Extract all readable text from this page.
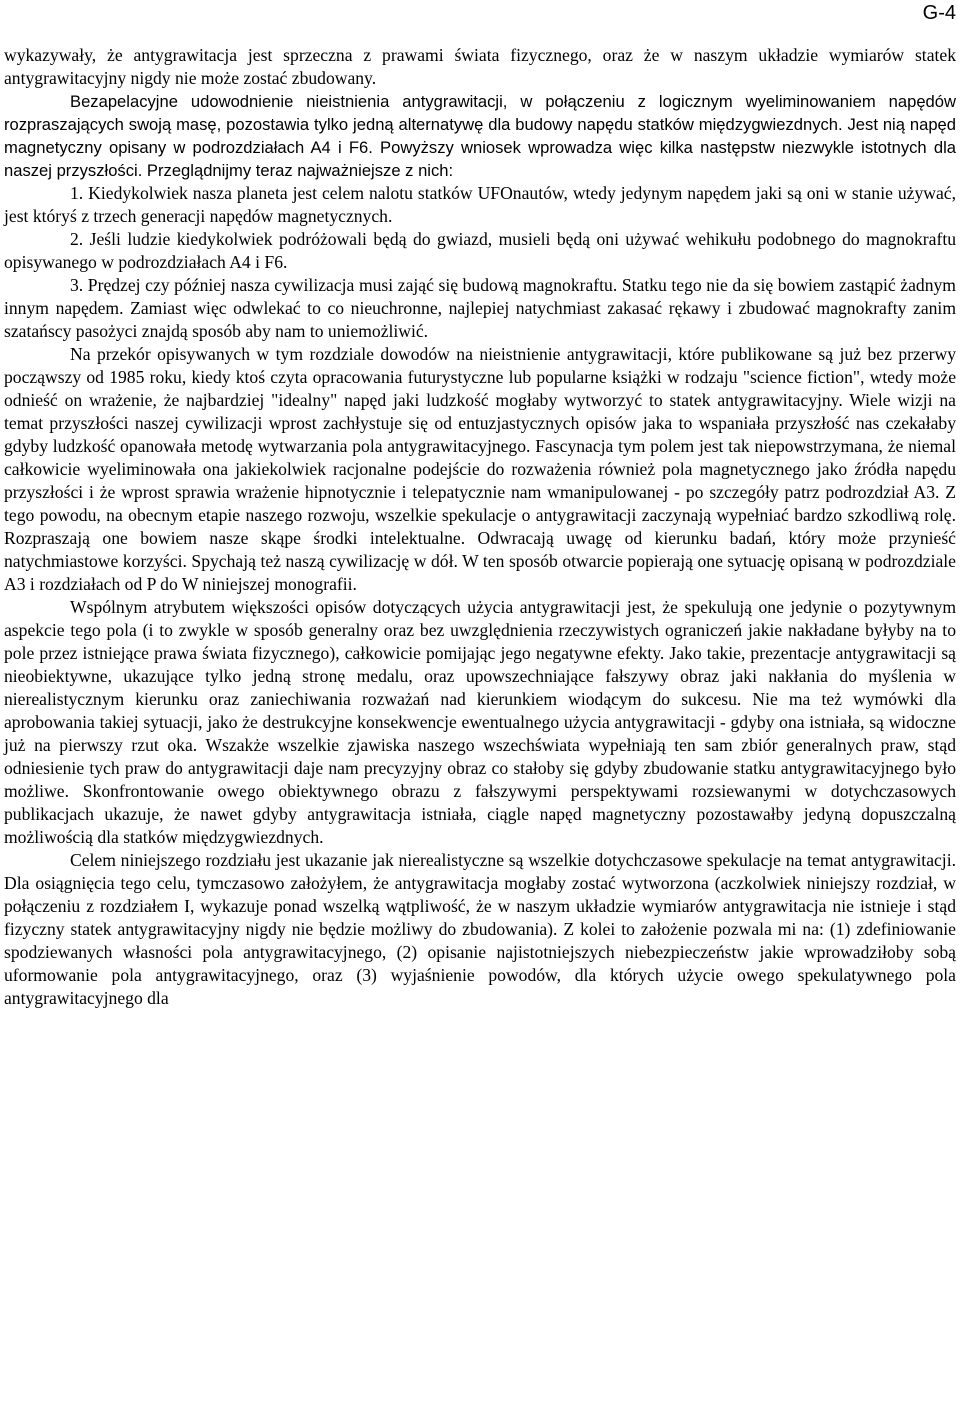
G-4

wykazywały, że antygrawitacja jest sprzeczna z prawami świata fizycznego, oraz że w naszym układzie wymiarów statek antygrawitacyjny nigdy nie może zostać zbudowany.

Bezapelacyjne udowodnienie nieistnienia antygrawitacji, w połączeniu z logicznym wyeliminowaniem napędów rozpraszających swoją masę, pozostawia tylko jedną alternatywę dla budowy napędu statków międzygwiezdnych. Jest nią napęd magnetyczny opisany w podrozdziałach A4 i F6. Powyższy wniosek wprowadza więc kilka następstw niezwykle istotnych dla naszej przyszłości. Przeglądnijmy teraz najważniejsze z nich:

1. Kiedykolwiek nasza planeta jest celem nalotu statków UFOnautów, wtedy jedynym napędem jaki są oni w stanie używać, jest któryś z trzech generacji napędów magnetycznych.

2. Jeśli ludzie kiedykolwiek podróżowali będą do gwiazd, musieli będą oni używać wehikułu podobnego do magnokraftu opisywanego w podrozdziałach A4 i F6.

3. Prędzej czy później nasza cywilizacja musi zająć się budową magnokraftu. Statku tego nie da się bowiem zastąpić żadnym innym napędem. Zamiast więc odwlekać to co nieuchronne, najlepiej natychmiast zakasać rękawy i zbudować magnokrafty zanim szatańscy pasożyci znajdą sposób aby nam to uniemożliwić.

Na przekór opisywanych w tym rozdziale dowodów na nieistnienie antygrawitacji, które publikowane są już bez przerwy począwszy od 1985 roku, kiedy ktoś czyta opracowania futurystyczne lub popularne książki w rodzaju "science fiction", wtedy może odnieść on wrażenie, że najbardziej "idealny" napęd jaki ludzkość mogłaby wytworzyć to statek antygrawitacyjny. Wiele wizji na temat przyszłości naszej cywilizacji wprost zachłystuje się od entuzjastycznych opisów jaka to wspaniała przyszłość nas czekałaby gdyby ludzkość opanowała metodę wytwarzania pola antygrawitacyjnego. Fascynacja tym polem jest tak niepowstrzymana, że niemal całkowicie wyeliminowała ona jakiekolwiek racjonalne podejście do rozważenia również pola magnetycznego jako źródła napędu przyszłości i że wprost sprawia wrażenie hipnotycznie i telepatycznie nam wmanipulowanej - po szczegóły patrz podrozdział A3. Z tego powodu, na obecnym etapie naszego rozwoju, wszelkie spekulacje o antygrawitacji zaczynają wypełniać bardzo szkodliwą rolę. Rozpraszają one bowiem nasze skąpe środki intelektualne. Odwracają uwagę od kierunku badań, który może przynieść natychmiastowe korzyści. Spychają też naszą cywilizację w dół. W ten sposób otwarcie popierają one sytuację opisaną w podrozdziale A3 i rozdziałach od P do W niniejszej monografii.

Wspólnym atrybutem większości opisów dotyczących użycia antygrawitacji jest, że spekulują one jedynie o pozytywnym aspekcie tego pola (i to zwykle w sposób generalny oraz bez uwzględnienia rzeczywistych ograniczeń jakie nakładane byłyby na to pole przez istniejące prawa świata fizycznego), całkowicie pomijając jego negatywne efekty. Jako takie, prezentacje antygrawitacji są nieobiektywne, ukazujące tylko jedną stronę medalu, oraz upowszechniające fałszywy obraz jaki nakłania do myślenia w nierealistycznym kierunku oraz zaniechiwania rozważań nad kierunkiem wiodącym do sukcesu. Nie ma też wymówki dla aprobowania takiej sytuacji, jako że destrukcyjne konsekwencje ewentualnego użycia antygrawitacji - gdyby ona istniała, są widoczne już na pierwszy rzut oka. Wszakże wszelkie zjawiska naszego wszechświata wypełniają ten sam zbiór generalnych praw, stąd odniesienie tych praw do antygrawitacji daje nam precyzyjny obraz co stałoby się gdyby zbudowanie statku antygrawitacyjnego było możliwe. Skonfrontowanie owego obiektywnego obrazu z fałszywymi perspektywami rozsiewanymi w dotychczasowych publikacjach ukazuje, że nawet gdyby antygrawitacja istniała, ciągle napęd magnetyczny pozostawałby jedyną dopuszczalną możliwością dla statków międzygwiezdnych.

Celem niniejszego rozdziału jest ukazanie jak nierealistyczne są wszelkie dotychczasowe spekulacje na temat antygrawitacji. Dla osiągnięcia tego celu, tymczasowo założyłem, że antygrawitacja mogłaby zostać wytworzona (aczkolwiek niniejszy rozdział, w połączeniu z rozdziałem I, wykazuje ponad wszelką wątpliwość, że w naszym układzie wymiarów antygrawitacja nie istnieje i stąd fizyczny statek antygrawitacyjny nigdy nie będzie możliwy do zbudowania). Z kolei to założenie pozwala mi na: (1) zdefiniowanie spodziewanych własności pola antygrawitacyjnego, (2) opisanie najistotniejszych niebezpieczeństw jakie wprowadziłoby sobą uformowanie pola antygrawitacyjnego, oraz (3) wyjaśnienie powodów, dla których użycie owego spekulatywnego pola antygrawitacyjnego dla
